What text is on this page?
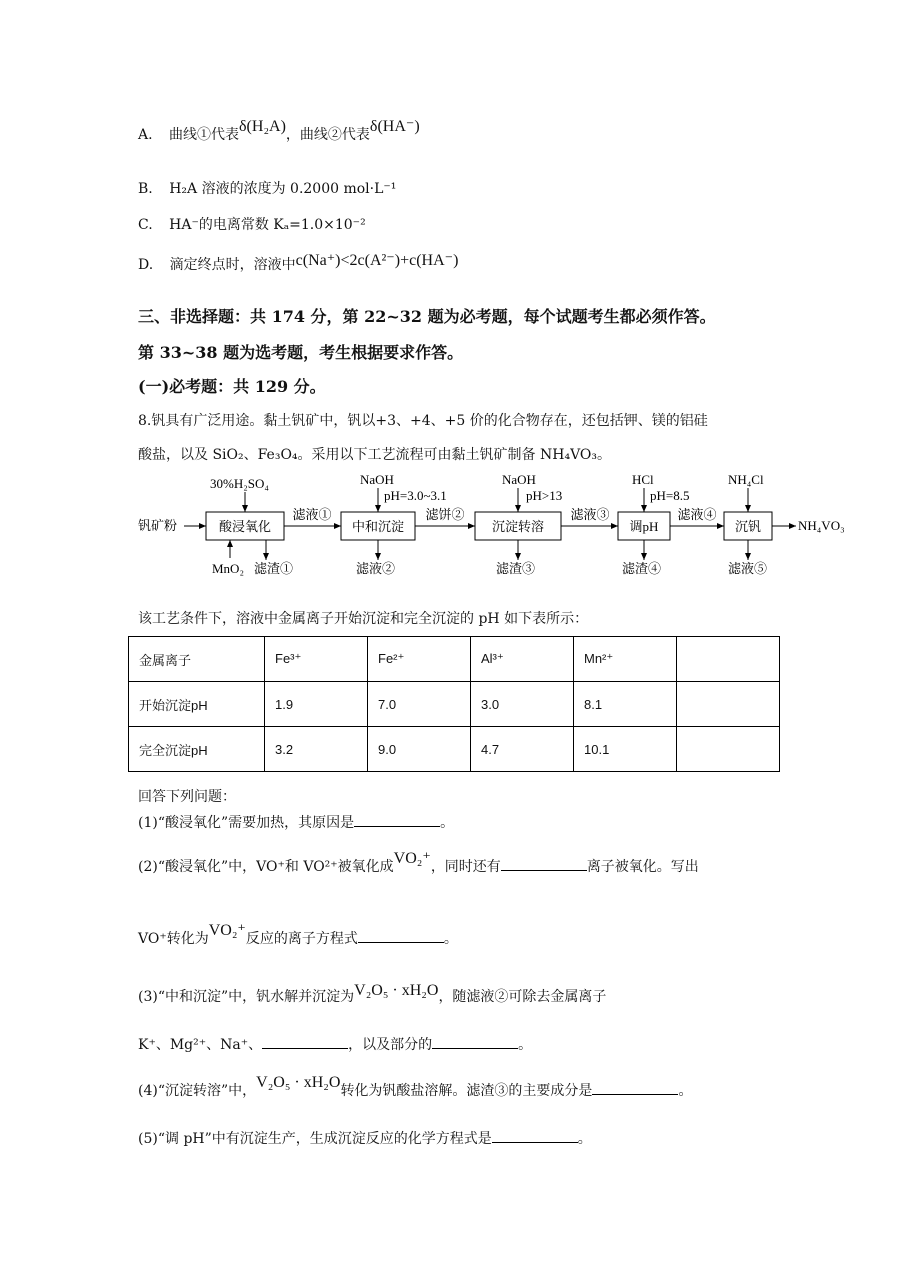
A. 曲线①代表δ(H₂A)，曲线②代表δ(HA⁻)
B. H₂A 溶液的浓度为 0.2000 mol·L⁻¹
C. HA⁻的电离常数 Kₐ=1.0×10⁻²
D. 滴定终点时，溶液中c(Na⁺)<2c(A²⁻)+c(HA⁻)
三、非选择题：共 174 分，第 22~32 题为必考题，每个试题考生都必须作答。
第 33~38 题为选考题，考生根据要求作答。
(一)必考题：共 129 分。
8.钒具有广泛用途。黏土钒矿中，钒以+3、+4、+5 价的化合物存在，还包括钾、镁的铝硅
酸盐，以及 SiO₂、Fe₃O₄。采用以下工艺流程可由黏土钒矿制备 NH₄VO₃。
钒矿粉	酸浸氧化	中和沉淀	沉淀转溶	调pH	沉钒
滤液①	滤饼②	滤液③	滤液④
NH₄VO₃
30%H₂SO₄	NaOH
pH=3.0~3.1
NaOH
pH>13
HCl
pH=8.5
NH₄Cl
MnO₂ 滤渣①	滤液②	滤渣③	滤渣④	滤液⑤
该工艺条件下，溶液中金属离子开始沉淀和完全沉淀的 pH 如下表所示：
金属离子	Fe³⁺	Fe²⁺	Al³⁺	Mn²⁺	
开始沉淀pH	1.9	7.0	3.0	8.1	
完全沉淀pH	3.2	9.0	4.7	10.1	
回答下列问题：
(1)“酸浸氧化”需要加热，其原因是	。
(2)“酸浸氧化”中，VO⁺和 VO²⁺被氧化成VO₂⁺，同时还有	离子被氧化。写出
VO⁺转化为VO₂⁺反应的离子方程式	。
(3)“中和沉淀”中，钒水解并沉淀为V₂O₅ · xH₂O，随滤液②可除去金属离子
K⁺、Mg²⁺、Na⁺、	，以及部分的	。
(4)“沉淀转溶”中，V₂O₅ · xH₂O转化为钒酸盐溶解。滤渣③的主要成分是	。
(5)“调 pH”中有沉淀生产，生成沉淀反应的化学方程式是	。
